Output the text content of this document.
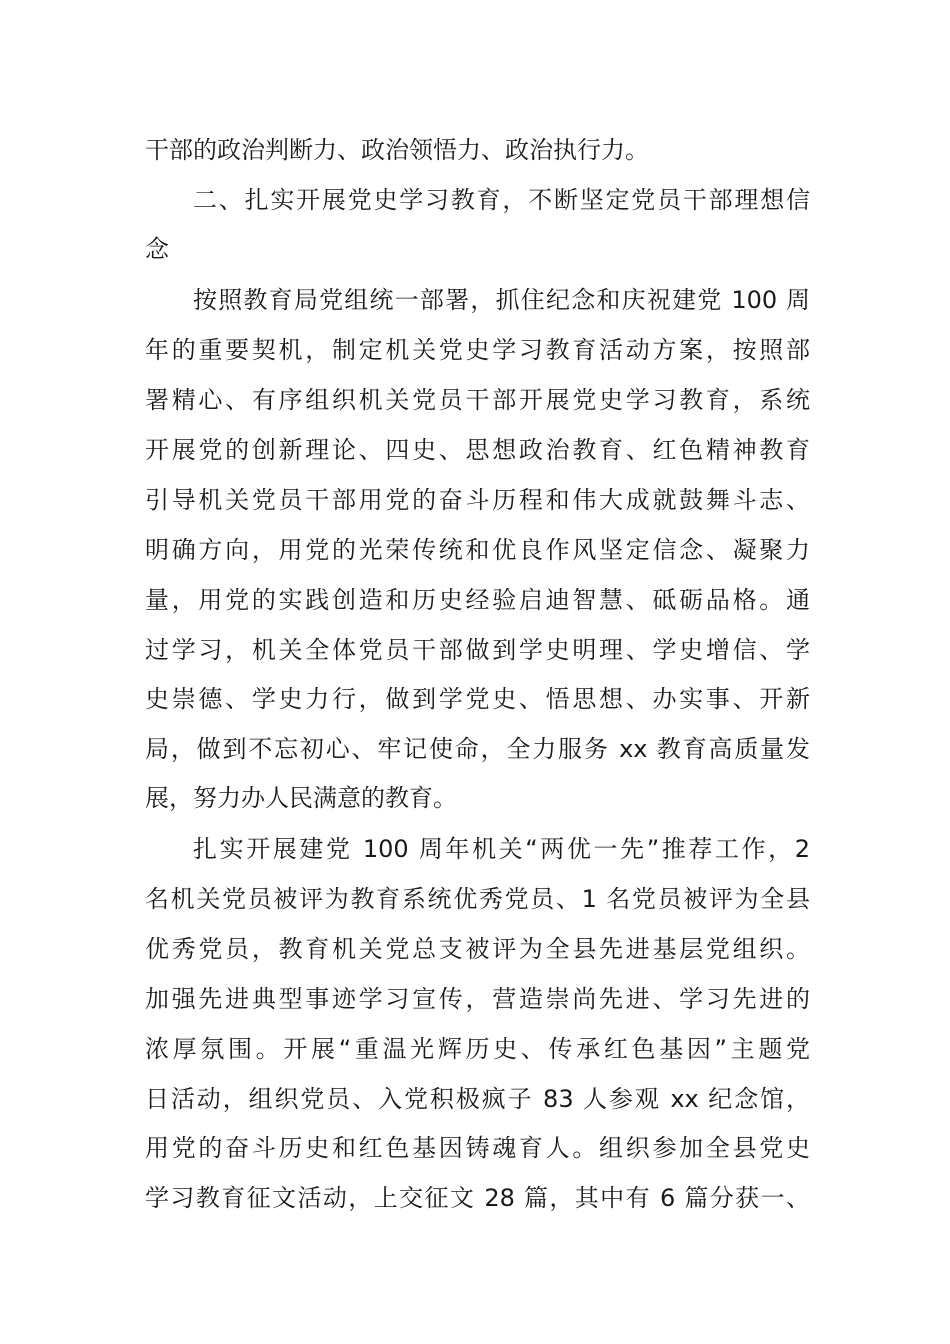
干部的政治判断力、政治领悟力、政治执行力。
二、扎实开展党史学习教育，不断坚定党员干部理想信
念
按照教育局党组统一部署，抓住纪念和庆祝建党 100 周
年的重要契机，制定机关党史学习教育活动方案，按照部
署精心、有序组织机关党员干部开展党史学习教育，系统
开展党的创新理论、四史、思想政治教育、红色精神教育
引导机关党员干部用党的奋斗历程和伟大成就鼓舞斗志、
明确方向，用党的光荣传统和优良作风坚定信念、凝聚力
量，用党的实践创造和历史经验启迪智慧、砥砺品格。通
过学习，机关全体党员干部做到学史明理、学史增信、学
史崇德、学史力行，做到学党史、悟思想、办实事、开新
局，做到不忘初心、牢记使命，全力服务 xx 教育高质量发
展，努力办人民满意的教育。
扎实开展建党 100 周年机关“两优一先”推荐工作，2
名机关党员被评为教育系统优秀党员、1 名党员被评为全县
优秀党员，教育机关党总支被评为全县先进基层党组织。
加强先进典型事迹学习宣传，营造崇尚先进、学习先进的
浓厚氛围。开展“重温光辉历史、传承红色基因”主题党
日活动，组织党员、入党积极疯子 83 人参观 xx 纪念馆，
用党的奋斗历史和红色基因铸魂育人。组织参加全县党史
学习教育征文活动，上交征文 28 篇，其中有 6 篇分获一、
